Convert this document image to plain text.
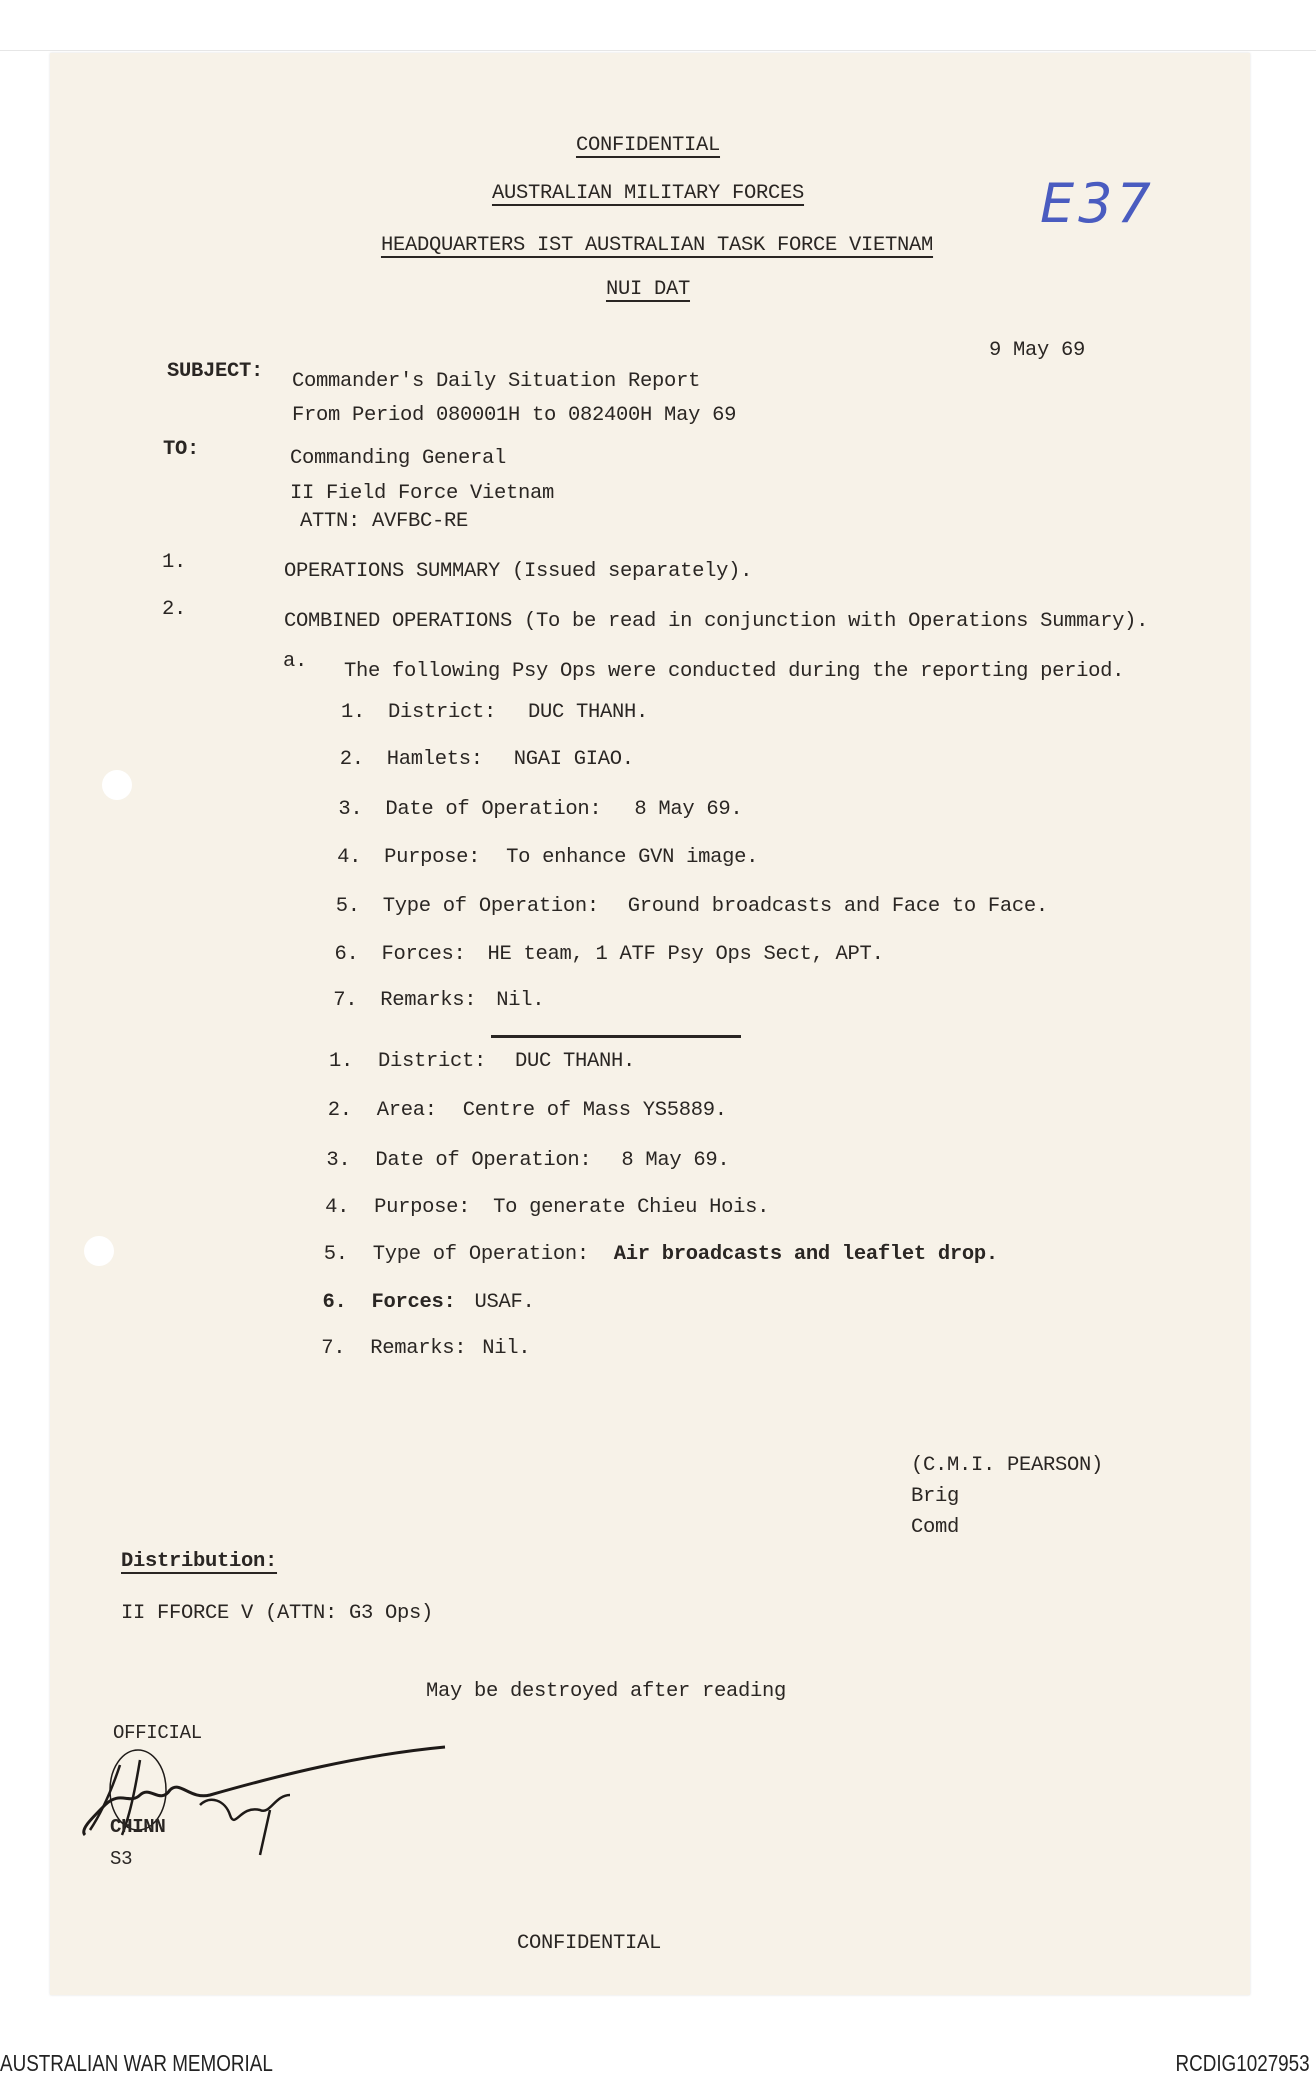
CONFIDENTIAL
AUSTRALIAN MILITARY FORCES
HEADQUARTERS IST AUSTRALIAN TASK FORCE VIETNAM
NUI DAT
E37
9 May 69
SUBJECT: Commander's Daily Situation Report
From Period 080001H to 082400H May 69
TO:	Commanding General
II Field Force Vietnam
ATTN: AVFBC-RE
1.	OPERATIONS SUMMARY (Issued separately).
2.
COMBINED OPERATIONS (To be read in conjunction with Operations Summary).
a. The following Psy Ops were conducted during the reporting period.
1. District: DUC THANH.
2. Hamlets: NGAI GIAO.
3. Date of Operation: 8 May 69.
4. Purpose: To enhance GVN image.
5. Type of Operation: Ground broadcasts and Face to Face.
6. Forces: HE team, 1 ATF Psy Ops Sect, APT.
7. Remarks: Nil.
1. District: DUC THANH.
2. Area: Centre of Mass YS5889.
3. Date of Operation: 8 May 69.
4. Purpose: To generate Chieu Hois.
5. Type of Operation: Air broadcasts and leaflet drop.
6. Forces: USAF.
7. Remarks: Nil.
(C.M.I. PEARSON)
Brig
Comd
Distribution:
II FFORCE V (ATTN: G3 Ops)
May be destroyed after reading
OFFICIAL
CHINN
S3
CONFIDENTIAL
AUSTRALIAN WAR MEMORIAL	RCDIG1027953
